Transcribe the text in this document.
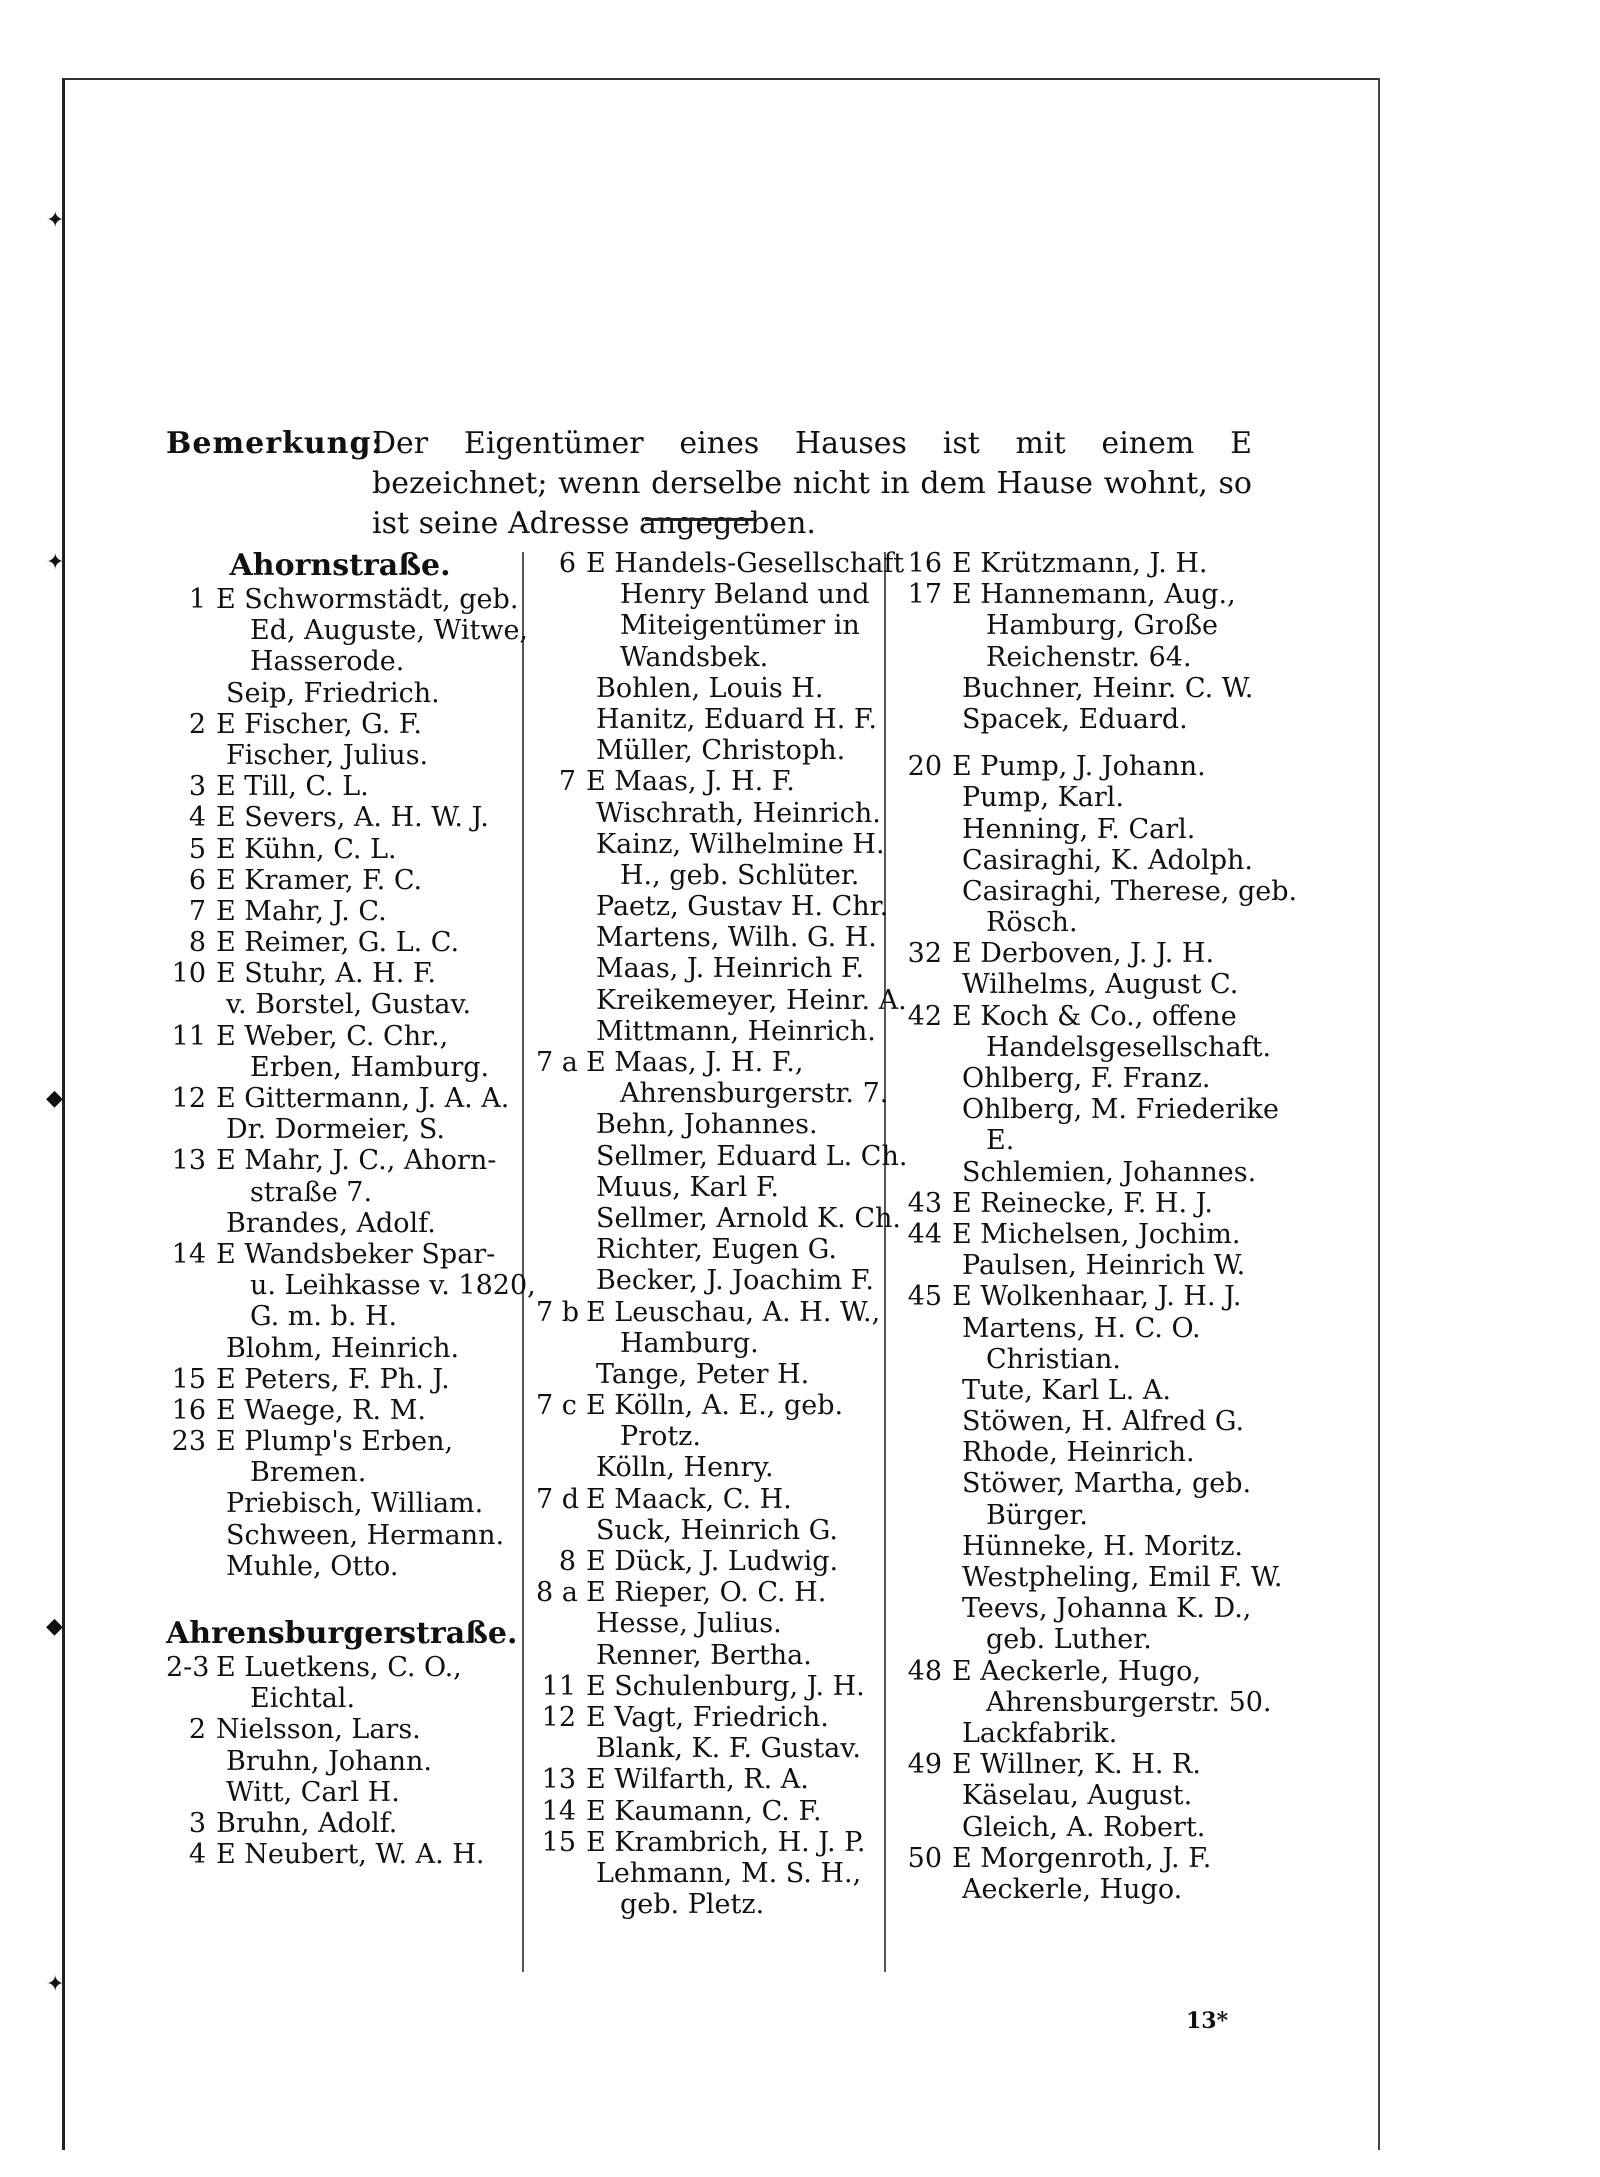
✦
✦
◆
◆
✦
Bemerkung:
Der Eigentümer eines Hauses ist mit einem E bezeichnet; wenn derselbe nicht in dem Hause wohnt, so ist seine Adresse angegeben.
Ahornstraße.
1 E Schwormstädt, geb.
Ed, Auguste, Witwe,
Hasserode.
Seip, Friedrich.
2 E Fischer, G. F.
Fischer, Julius.
3 E Till, C. L.
4 E Severs, A. H. W. J.
5 E Kühn, C. L.
6 E Kramer, F. C.
7 E Mahr, J. C.
8 E Reimer, G. L. C.
10 E Stuhr, A. H. F.
v. Borstel, Gustav.
11 E Weber, C. Chr.,
Erben, Hamburg.
12 E Gittermann, J. A. A.
Dr. Dormeier, S.
13 E Mahr, J. C., Ahorn-
straße 7.
Brandes, Adolf.
14 E Wandsbeker Spar-
u. Leihkasse v. 1820,
G. m. b. H.
Blohm, Heinrich.
15 E Peters, F. Ph. J.
16 E Waege, R. M.
23 E Plump's Erben,
Bremen.
Priebisch, William.
Schween, Hermann.
Muhle, Otto.
Ahrensburgerstraße.
2-3 E Luetkens, C. O.,
Eichtal.
2 Nielsson, Lars.
Bruhn, Johann.
Witt, Carl H.
3 Bruhn, Adolf.
4 E Neubert, W. A. H.
6 E Handels-Gesellschaft
Henry Beland und
Miteigentümer in
Wandsbek.
Bohlen, Louis H.
Hanitz, Eduard H. F.
Müller, Christoph.
7 E Maas, J. H. F.
Wischrath, Heinrich.
Kainz, Wilhelmine H.
H., geb. Schlüter.
Paetz, Gustav H. Chr.
Martens, Wilh. G. H.
Maas, J. Heinrich F.
Kreikemeyer, Heinr. A.
Mittmann, Heinrich.
7 a E Maas, J. H. F.,
Ahrensburgerstr. 7.
Behn, Johannes.
Sellmer, Eduard L. Ch.
Muus, Karl F.
Sellmer, Arnold K. Ch.
Richter, Eugen G.
Becker, J. Joachim F.
7 b E Leuschau, A. H. W.,
Hamburg.
Tange, Peter H.
7 c E Kölln, A. E., geb.
Protz.
Kölln, Henry.
7 d E Maack, C. H.
Suck, Heinrich G.
8 E Dück, J. Ludwig.
8 a E Rieper, O. C. H.
Hesse, Julius.
Renner, Bertha.
11 E Schulenburg, J. H.
12 E Vagt, Friedrich.
Blank, K. F. Gustav.
13 E Wilfarth, R. A.
14 E Kaumann, C. F.
15 E Krambrich, H. J. P.
Lehmann, M. S. H.,
geb. Pletz.
16 E Krützmann, J. H.
17 E Hannemann, Aug.,
Hamburg, Große
Reichenstr. 64.
Buchner, Heinr. C. W.
Spacek, Eduard.
20 E Pump, J. Johann.
Pump, Karl.
Henning, F. Carl.
Casiraghi, K. Adolph.
Casiraghi, Therese, geb.
Rösch.
32 E Derboven, J. J. H.
Wilhelms, August C.
42 E Koch & Co., offene
Handelsgesellschaft.
Ohlberg, F. Franz.
Ohlberg, M. Friederike
E.
Schlemien, Johannes.
43 E Reinecke, F. H. J.
44 E Michelsen, Jochim.
Paulsen, Heinrich W.
45 E Wolkenhaar, J. H. J.
Martens, H. C. O.
Christian.
Tute, Karl L. A.
Stöwen, H. Alfred G.
Rhode, Heinrich.
Stöwer, Martha, geb.
Bürger.
Hünneke, H. Moritz.
Westpheling, Emil F. W.
Teevs, Johanna K. D.,
geb. Luther.
48 E Aeckerle, Hugo,
Ahrensburgerstr. 50.
Lackfabrik.
49 E Willner, K. H. R.
Käselau, August.
Gleich, A. Robert.
50 E Morgenroth, J. F.
Aeckerle, Hugo.
13*
